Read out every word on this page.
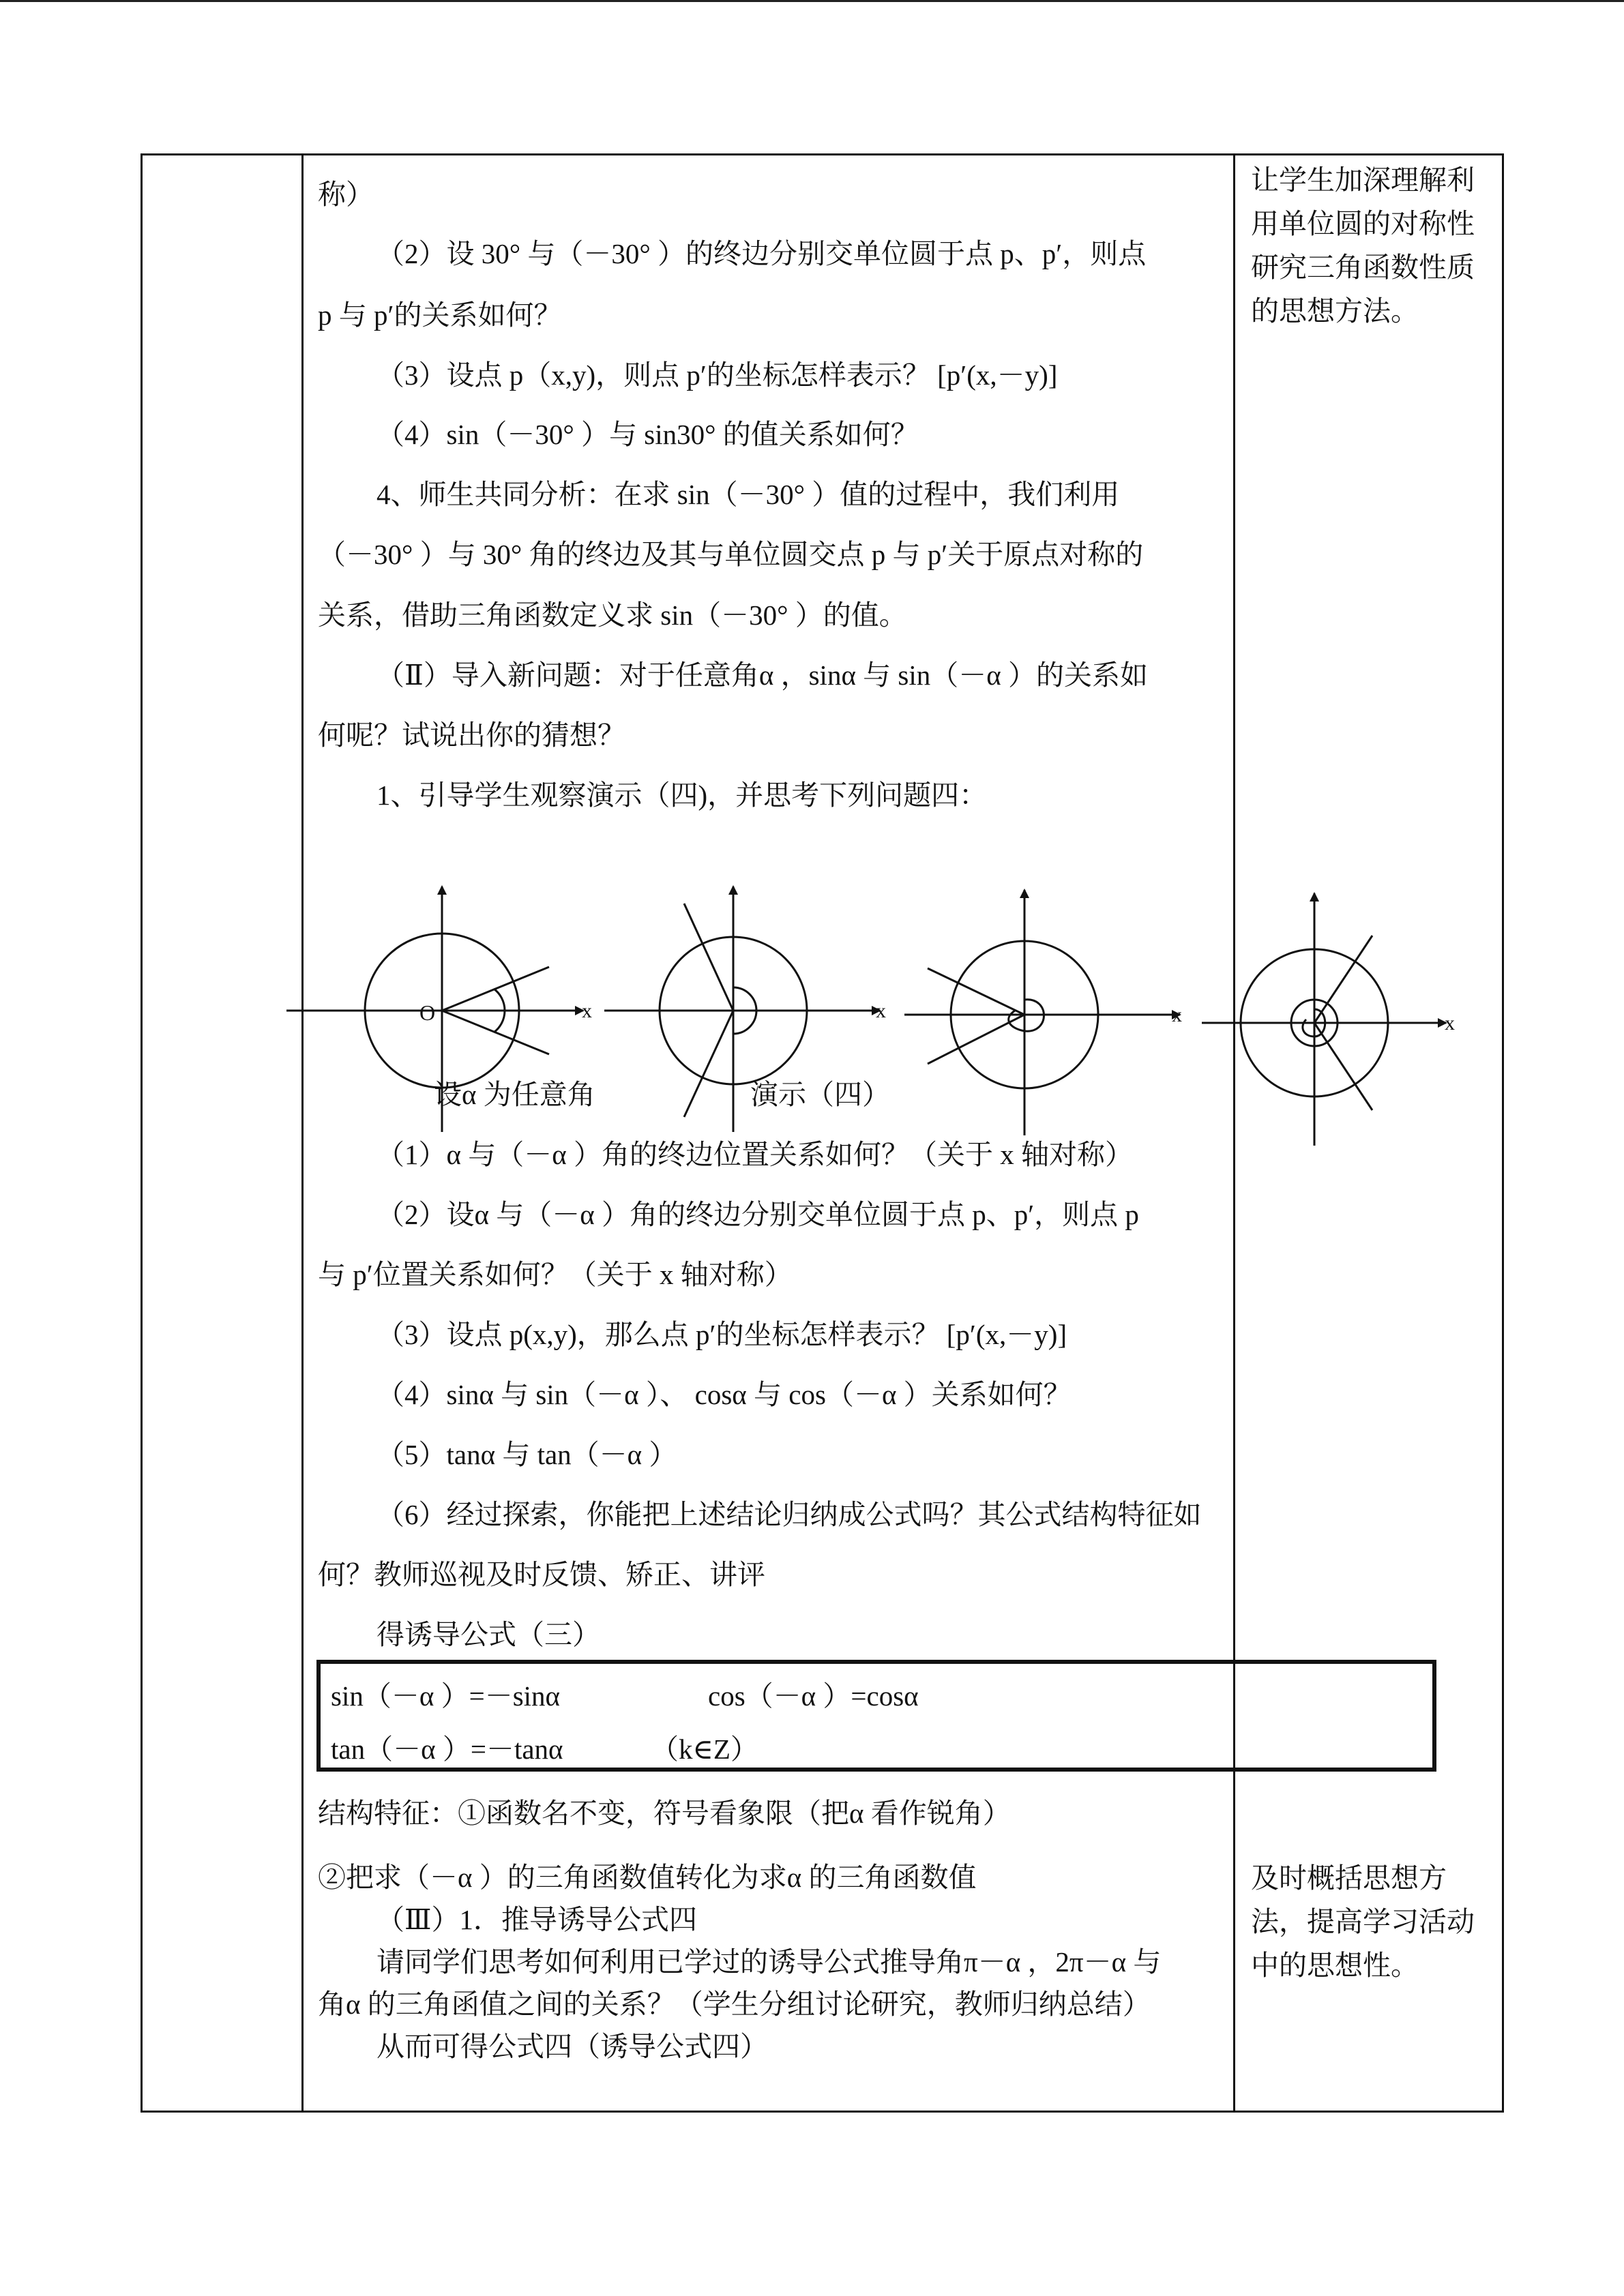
称）
（2）设 30° 与（－30° ）的终边分别交单位圆于点 p、p′，则点
p 与 p′的关系如何？
（3）设点 p（x,y)，则点 p′的坐标怎样表示？ [p′(x,－y)]
（4）sin（－30° ）与 sin30° 的值关系如何？
4、师生共同分析：在求 sin（－30° ）值的过程中，我们利用
（－30° ）与 30° 角的终边及其与单位圆交点 p 与 p′关于原点对称的
关系，借助三角函数定义求 sin（－30° ）的值。
（Ⅱ）导入新问题：对于任意角α ，sinα 与 sin（－α ）的关系如
何呢？试说出你的猜想？
1、引导学生观察演示（四)，并思考下列问题四：
让学生加深理解利
用单位圆的对称性
研究三角函数性质
的思想方法。
O	x	x	x	x
设α 为任意角	演示（四）
（1）α 与（－α ）角的终边位置关系如何？（关于 x 轴对称）
（2）设α 与（－α ）角的终边分别交单位圆于点 p、p′，则点 p
与 p′位置关系如何？（关于 x 轴对称）
（3）设点 p(x,y)，那么点 p′的坐标怎样表示？ [p′(x,－y)]
（4）sinα 与 sin（－α ）、 cosα 与 cos（－α ）关系如何？
（5）tanα 与 tan（－α ）
（6）经过探索，你能把上述结论归纳成公式吗？其公式结构特征如
何？教师巡视及时反馈、矫正、讲评
得诱导公式（三）
sin（－α ）=－sinα	cos（－α ）=cosα
tan（－α ）=－tanα	（k∈Z）
结构特征：①函数名不变，符号看象限（把α 看作锐角）
②把求（－α ）的三角函数值转化为求α 的三角函数值
（Ⅲ）1．推导诱导公式四
请同学们思考如何利用已学过的诱导公式推导角π－α ，2π－α 与
角α 的三角函值之间的关系？（学生分组讨论研究，教师归纳总结）
从而可得公式四（诱导公式四）
及时概括思想方
法，提高学习活动
中的思想性。
